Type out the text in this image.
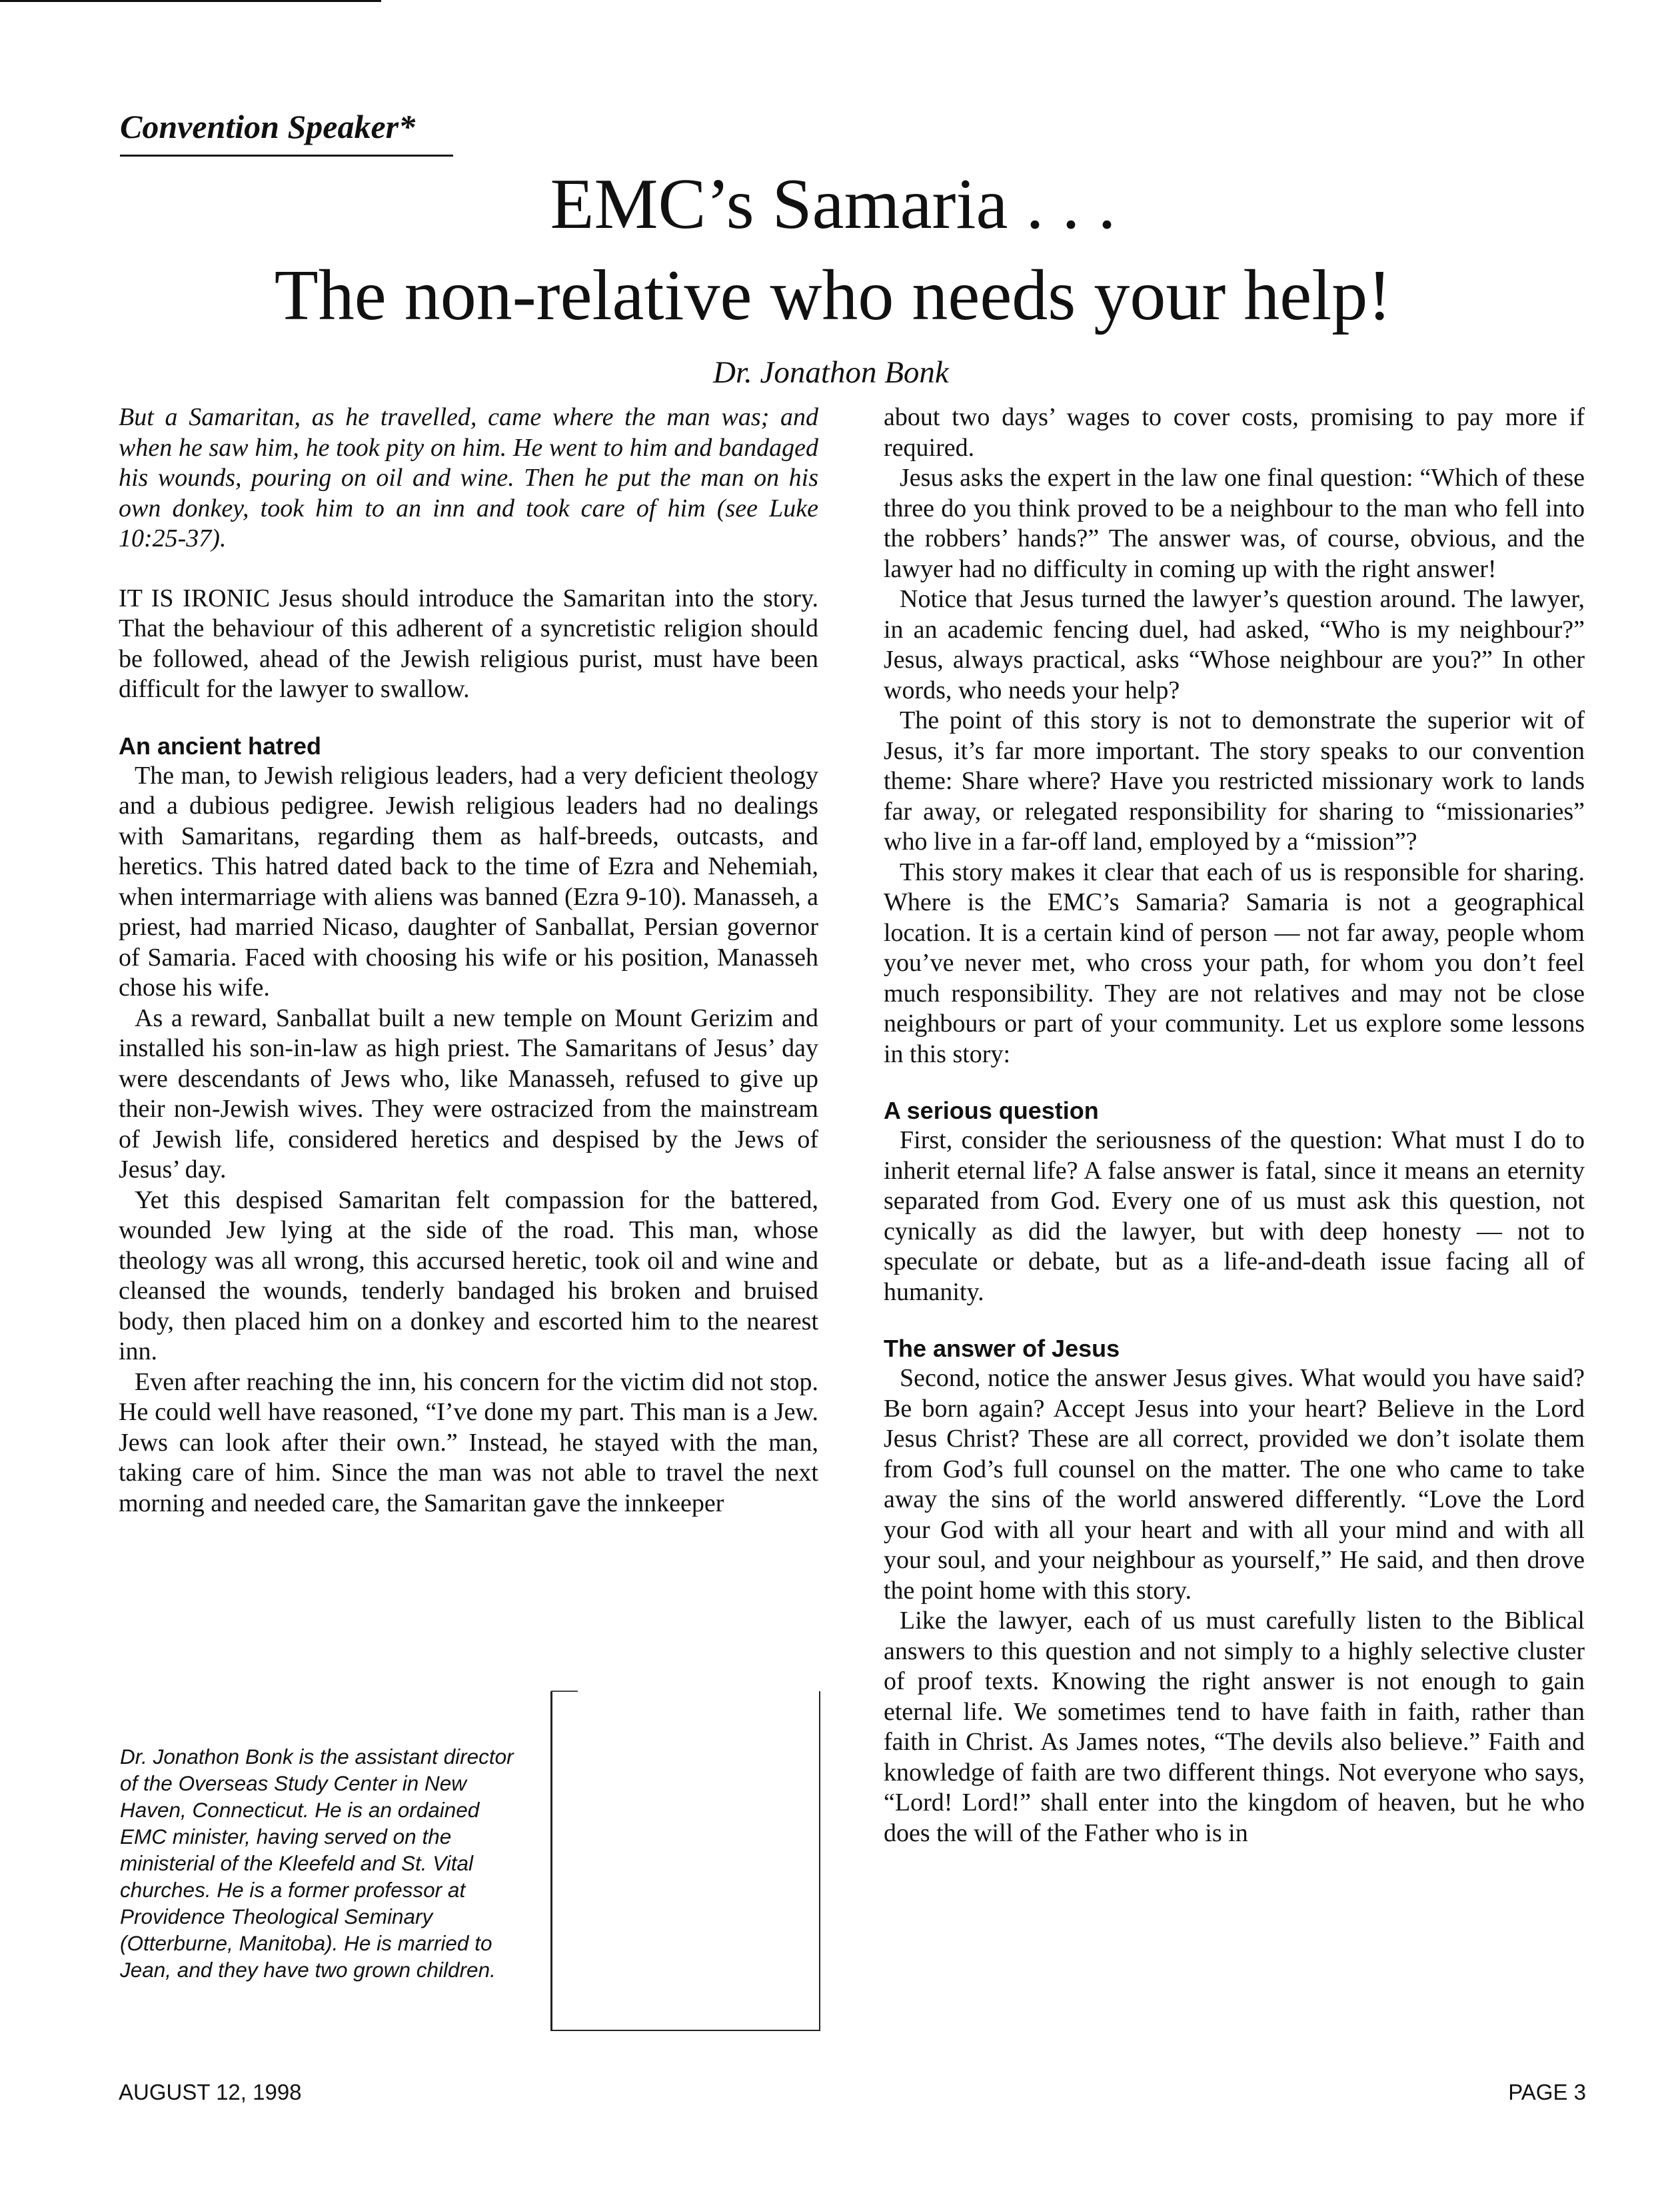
Convention Speaker*

EMC’s Samaria . . .
The non-relative who needs your help!

Dr. Jonathon Bonk

But a Samaritan, as he travelled, came where the man was; and when he saw him, he took pity on him. He went to him and bandaged his wounds, pouring on oil and wine. Then he put the man on his own donkey, took him to an inn and took care of him (see Luke 10:25-37).

IT IS IRONIC Jesus should introduce the Samaritan into the story. That the behaviour of this adherent of a syncretistic religion should be followed, ahead of the Jewish religious purist, must have been difficult for the lawyer to swallow.

An ancient hatred

The man, to Jewish religious leaders, had a very deficient theology and a dubious pedigree. Jewish religious leaders had no dealings with Samaritans, regarding them as half-breeds, outcasts, and heretics. This hatred dated back to the time of Ezra and Nehemiah, when intermarriage with aliens was banned (Ezra 9-10). Manasseh, a priest, had married Nicaso, daughter of Sanballat, Persian governor of Samaria. Faced with choosing his wife or his position, Manasseh chose his wife.

As a reward, Sanballat built a new temple on Mount Gerizim and installed his son-in-law as high priest. The Samaritans of Jesus’ day were descendants of Jews who, like Manasseh, refused to give up their non-Jewish wives. They were ostracized from the mainstream of Jewish life, considered heretics and despised by the Jews of Jesus’ day.

Yet this despised Samaritan felt compassion for the battered, wounded Jew lying at the side of the road. This man, whose theology was all wrong, this accursed heretic, took oil and wine and cleansed the wounds, tenderly bandaged his broken and bruised body, then placed him on a donkey and escorted him to the nearest inn.

Even after reaching the inn, his concern for the victim did not stop. He could well have reasoned, “I’ve done my part. This man is a Jew. Jews can look after their own.” Instead, he stayed with the man, taking care of him. Since the man was not able to travel the next morning and needed care, the Samaritan gave the innkeeper

about two days’ wages to cover costs, promising to pay more if required.

Jesus asks the expert in the law one final question: “Which of these three do you think proved to be a neighbour to the man who fell into the robbers’ hands?” The answer was, of course, obvious, and the lawyer had no difficulty in coming up with the right answer!

Notice that Jesus turned the lawyer’s question around. The lawyer, in an academic fencing duel, had asked, “Who is my neighbour?” Jesus, always practical, asks “Whose neighbour are you?” In other words, who needs your help?

The point of this story is not to demonstrate the superior wit of Jesus, it’s far more important. The story speaks to our convention theme: Share where? Have you restricted missionary work to lands far away, or relegated responsibility for sharing to “missionaries” who live in a far-off land, employed by a “mission”?

This story makes it clear that each of us is responsible for sharing. Where is the EMC’s Samaria? Samaria is not a geographical location. It is a certain kind of person — not far away, people whom you’ve never met, who cross your path, for whom you don’t feel much responsibility. They are not relatives and may not be close neighbours or part of your community. Let us explore some lessons in this story:

A serious question

First, consider the seriousness of the question: What must I do to inherit eternal life? A false answer is fatal, since it means an eternity separated from God. Every one of us must ask this question, not cynically as did the lawyer, but with deep honesty — not to speculate or debate, but as a life-and-death issue facing all of humanity.

The answer of Jesus

Second, notice the answer Jesus gives. What would you have said? Be born again? Accept Jesus into your heart? Believe in the Lord Jesus Christ? These are all correct, provided we don’t isolate them from God’s full counsel on the matter. The one who came to take away the sins of the world answered differently. “Love the Lord your God with all your heart and with all your mind and with all your soul, and your neighbour as yourself,” He said, and then drove the point home with this story.

Like the lawyer, each of us must carefully listen to the Biblical answers to this question and not simply to a highly selective cluster of proof texts. Knowing the right answer is not enough to gain eternal life. We sometimes tend to have faith in faith, rather than faith in Christ. As James notes, “The devils also believe.” Faith and knowledge of faith are two different things. Not everyone who says, “Lord! Lord!” shall enter into the kingdom of heaven, but he who does the will of the Father who is in

Dr. Jonathon Bonk is the assistant director of the Overseas Study Center in New Haven, Connecticut. He is an ordained EMC minister, having served on the ministerial of the Kleefeld and St. Vital churches. He is a former professor at Providence Theological Seminary (Otterburne, Manitoba). He is married to Jean, and they have two grown children.

AUGUST 12, 1998	PAGE 3
